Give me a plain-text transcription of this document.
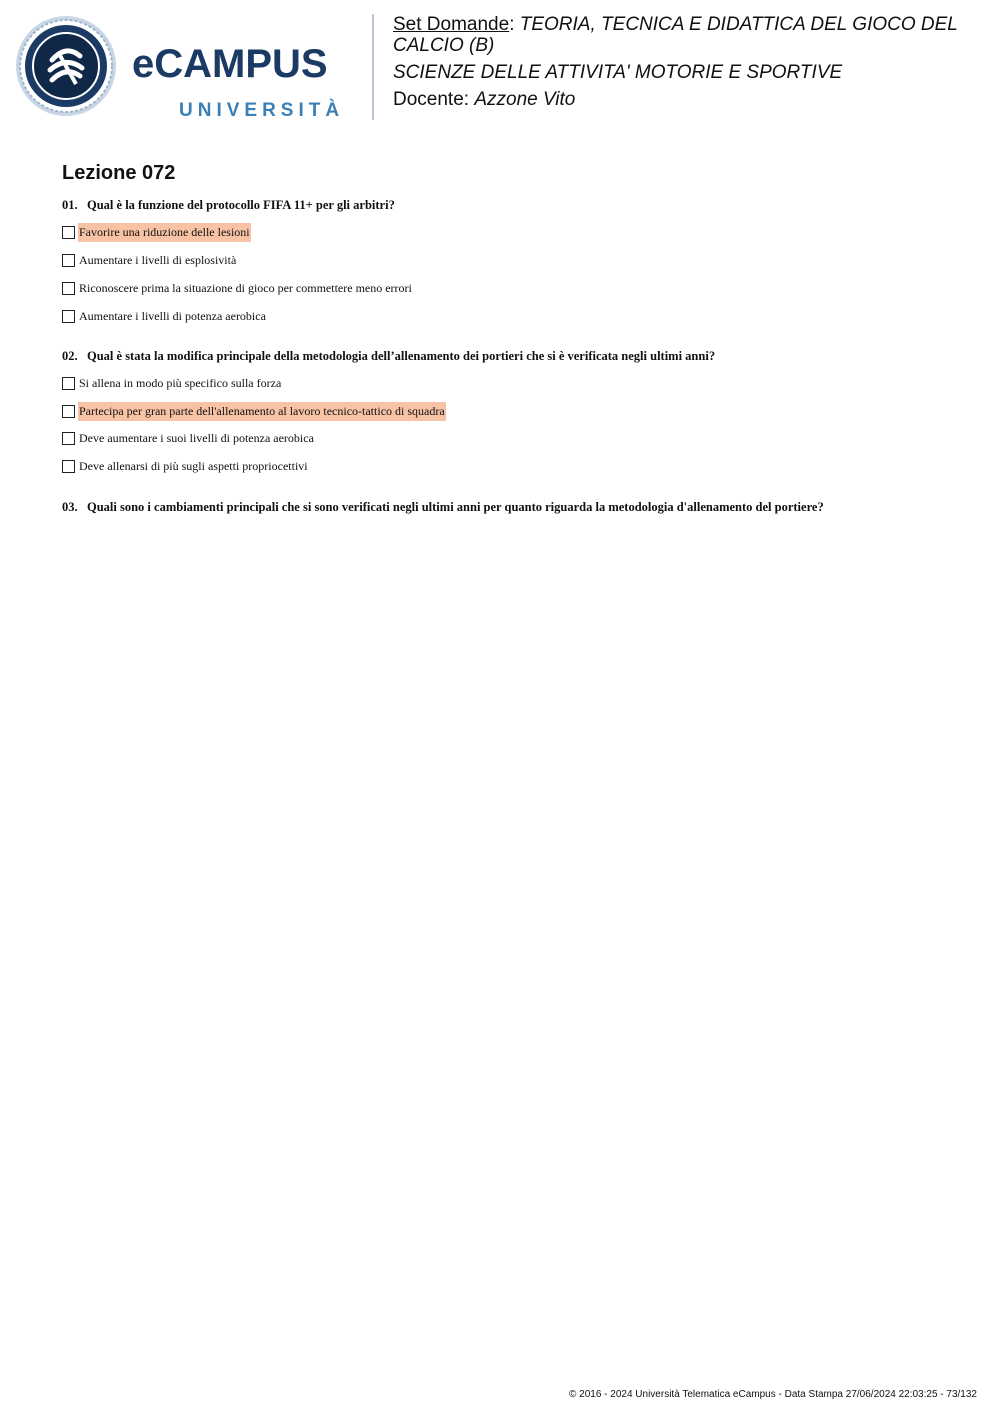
eCAMPUS
UNIVERSITÀ
Set Domande: TEORIA, TECNICA E DIDATTICA DEL GIOCO DEL CALCIO (B)
SCIENZE DELLE ATTIVITA' MOTORIE E SPORTIVE
Docente: Azzone Vito
Lezione 072
01. Qual è la funzione del protocollo FIFA 11+ per gli arbitri?
Favorire una riduzione delle lesioni
Aumentare i livelli di esplosività
Riconoscere prima la situazione di gioco per commettere meno errori
Aumentare i livelli di potenza aerobica
02. Qual è stata la modifica principale della metodologia dell’allenamento dei portieri che si è verificata negli ultimi anni?
Si allena in modo più specifico sulla forza
Partecipa per gran parte dell'allenamento al lavoro tecnico-tattico di squadra
Deve aumentare i suoi livelli di potenza aerobica
Deve allenarsi di più sugli aspetti propriocettivi
03. Quali sono i cambiamenti principali che si sono verificati negli ultimi anni per quanto riguarda la metodologia d'allenamento del portiere?
© 2016 - 2024 Università Telematica eCampus - Data Stampa 27/06/2024 22:03:25 - 73/132
